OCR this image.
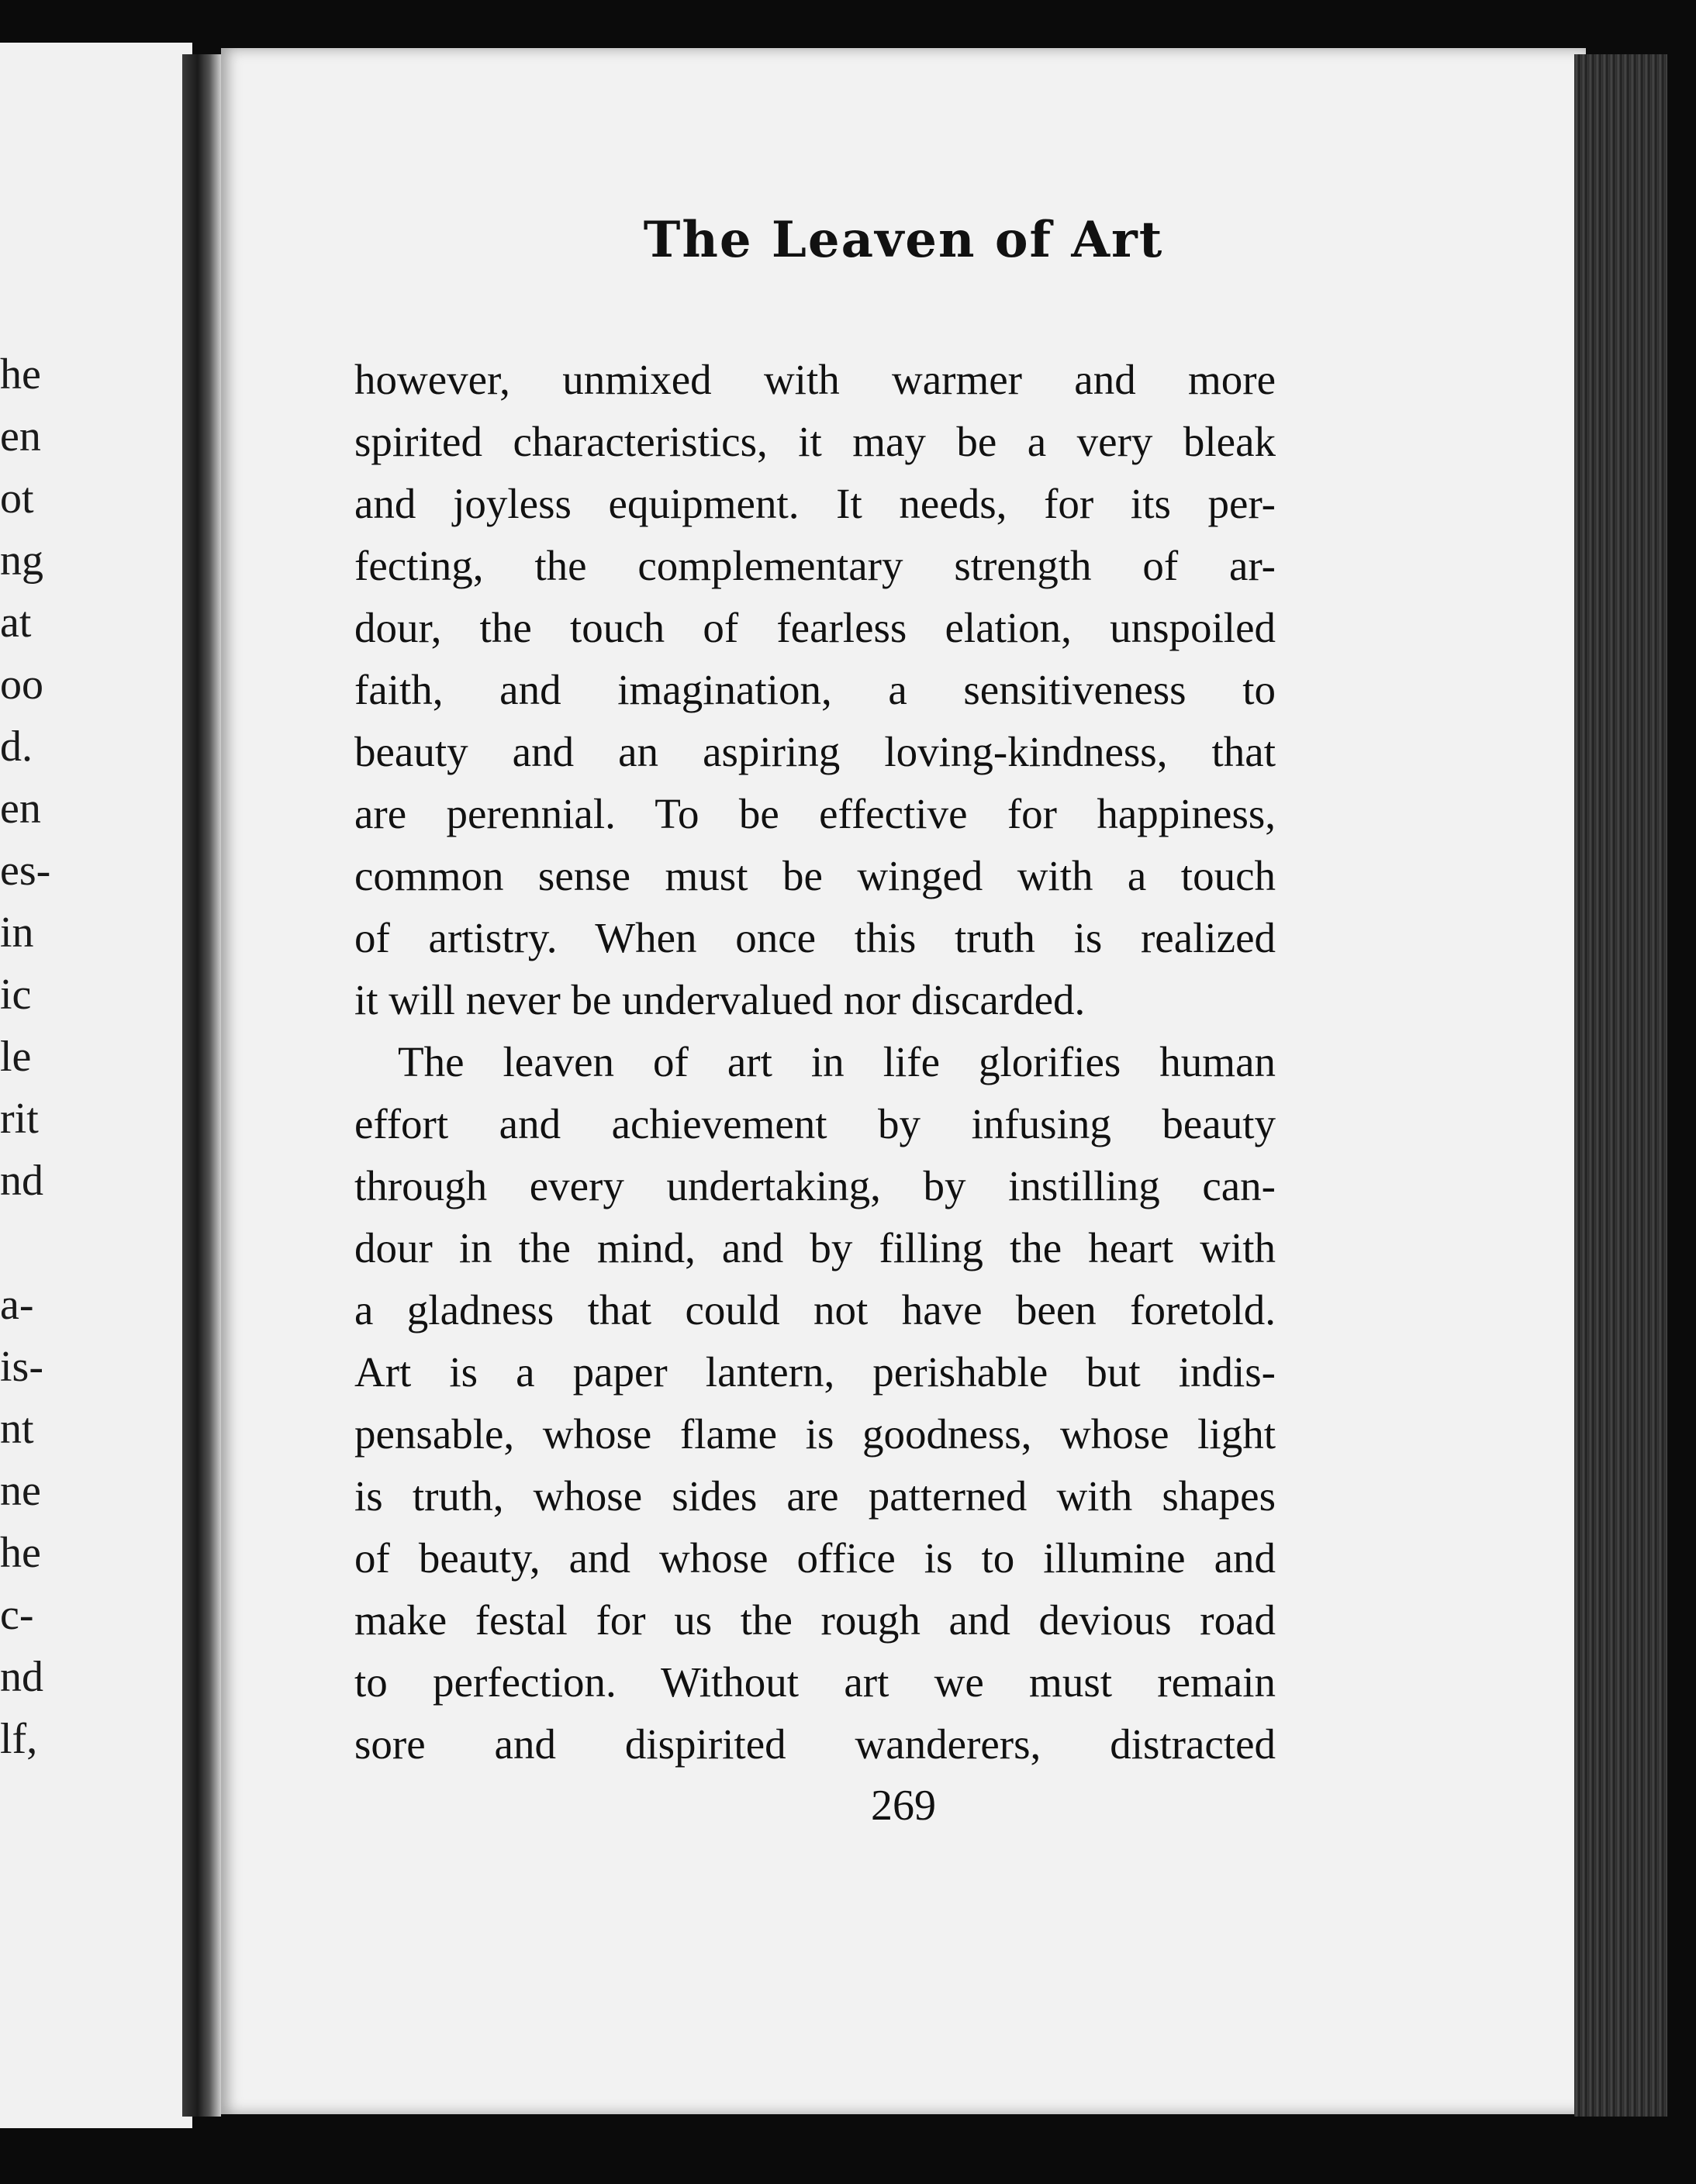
he
en
ot
ng
at
oo
d.
en
es-
in
ic
le
rit
nd
a-
is-
nt
ne
he
c-
nd
lf,
The Leaven of Art
however, unmixed with warmer and more
spirited characteristics, it may be a very bleak
and joyless equipment. It needs, for its per-
fecting, the complementary strength of ar-
dour, the touch of fearless elation, unspoiled
faith, and imagination, a sensitiveness to
beauty and an aspiring loving-kindness, that
are perennial. To be effective for happiness,
common sense must be winged with a touch
of artistry. When once this truth is realized
it will never be undervalued nor discarded.
The leaven of art in life glorifies human
effort and achievement by infusing beauty
through every undertaking, by instilling can-
dour in the mind, and by filling the heart with
a gladness that could not have been foretold.
Art is a paper lantern, perishable but indis-
pensable, whose flame is goodness, whose light
is truth, whose sides are patterned with shapes
of beauty, and whose office is to illumine and
make festal for us the rough and devious road
to perfection. Without art we must remain
sore and dispirited wanderers, distracted
269
